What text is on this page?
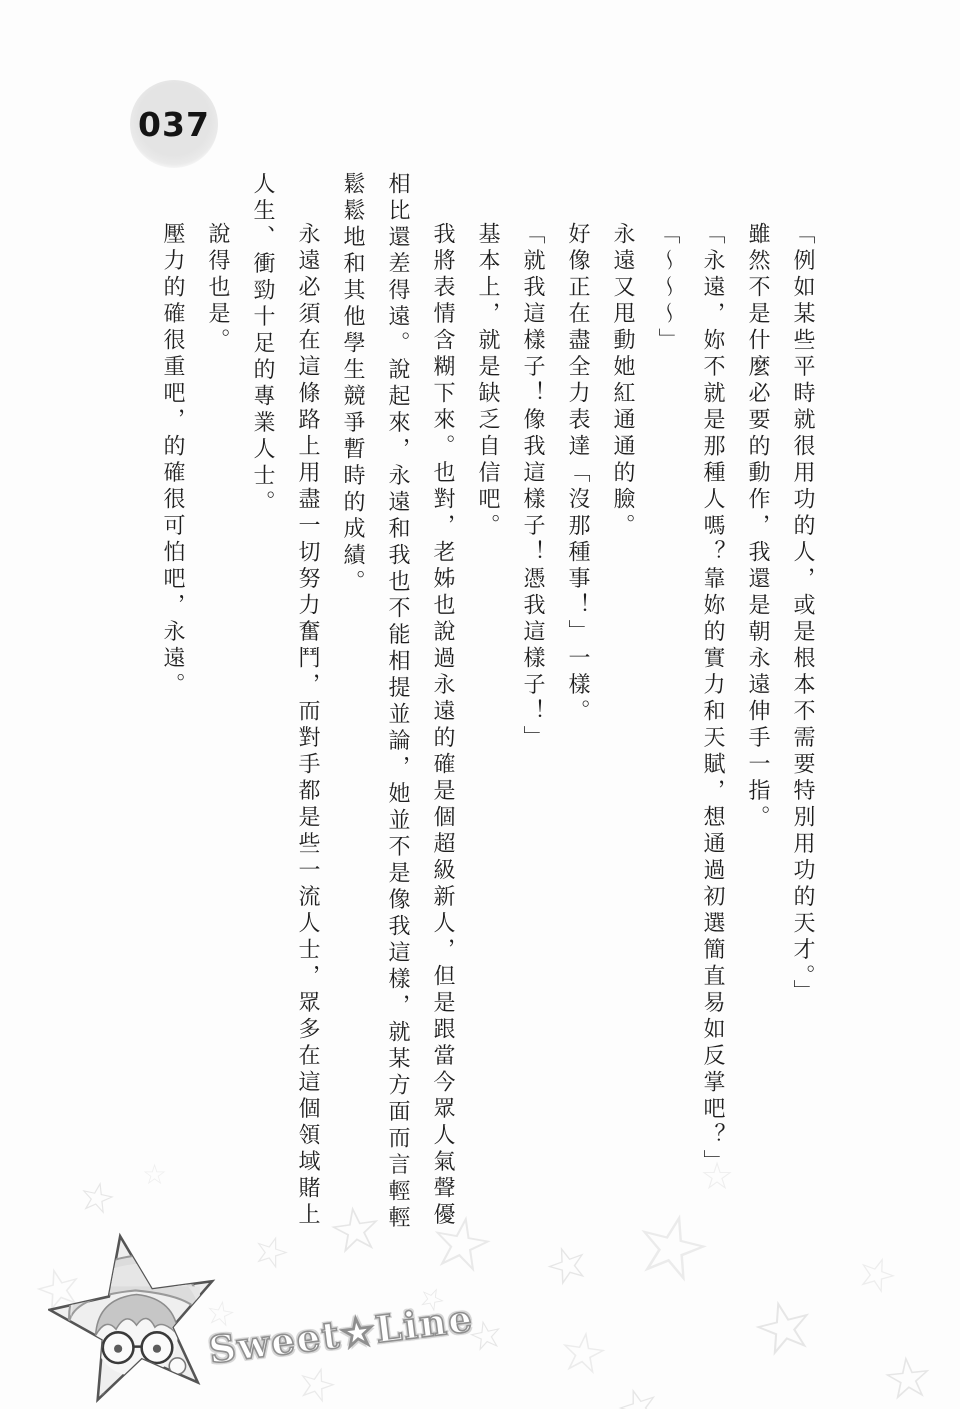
037

「例如某些平時就很用功的人，或是根本不需要特別用功的天才。」

雖然不是什麼必要的動作，我還是朝永遠伸手一指。

「永遠，妳不就是那種人嗎？靠妳的實力和天賦，想通過初選簡直易如反掌吧？」

「～～～」

永遠又甩動她紅通通的臉。

好像正在盡全力表達「沒那種事！」一樣。

「就我這樣子！像我這樣子！憑我這樣子！」

基本上，就是缺乏自信吧。

我將表情含糊下來。也對，老姊也說過永遠的確是個超級新人，但是跟當今眾人氣聲優相比還差得遠。說起來，永遠和我也不能相提並論，她並不是像我這樣，就某方面而言輕輕鬆鬆地和其他學生競爭暫時的成績。

永遠必須在這條路上用盡一切努力奮鬥，而對手都是些一流人士，眾多在這個領域賭上人生、衝勁十足的專業人士。

說得也是。

壓力的確很重吧，的確很可怕吧，永遠。

☆
☆
☆
☆
☆
☆
☆
☆
☆
☆
☆
☆
☆
☆
☆
☆
☆
☆
Sweet★Line
